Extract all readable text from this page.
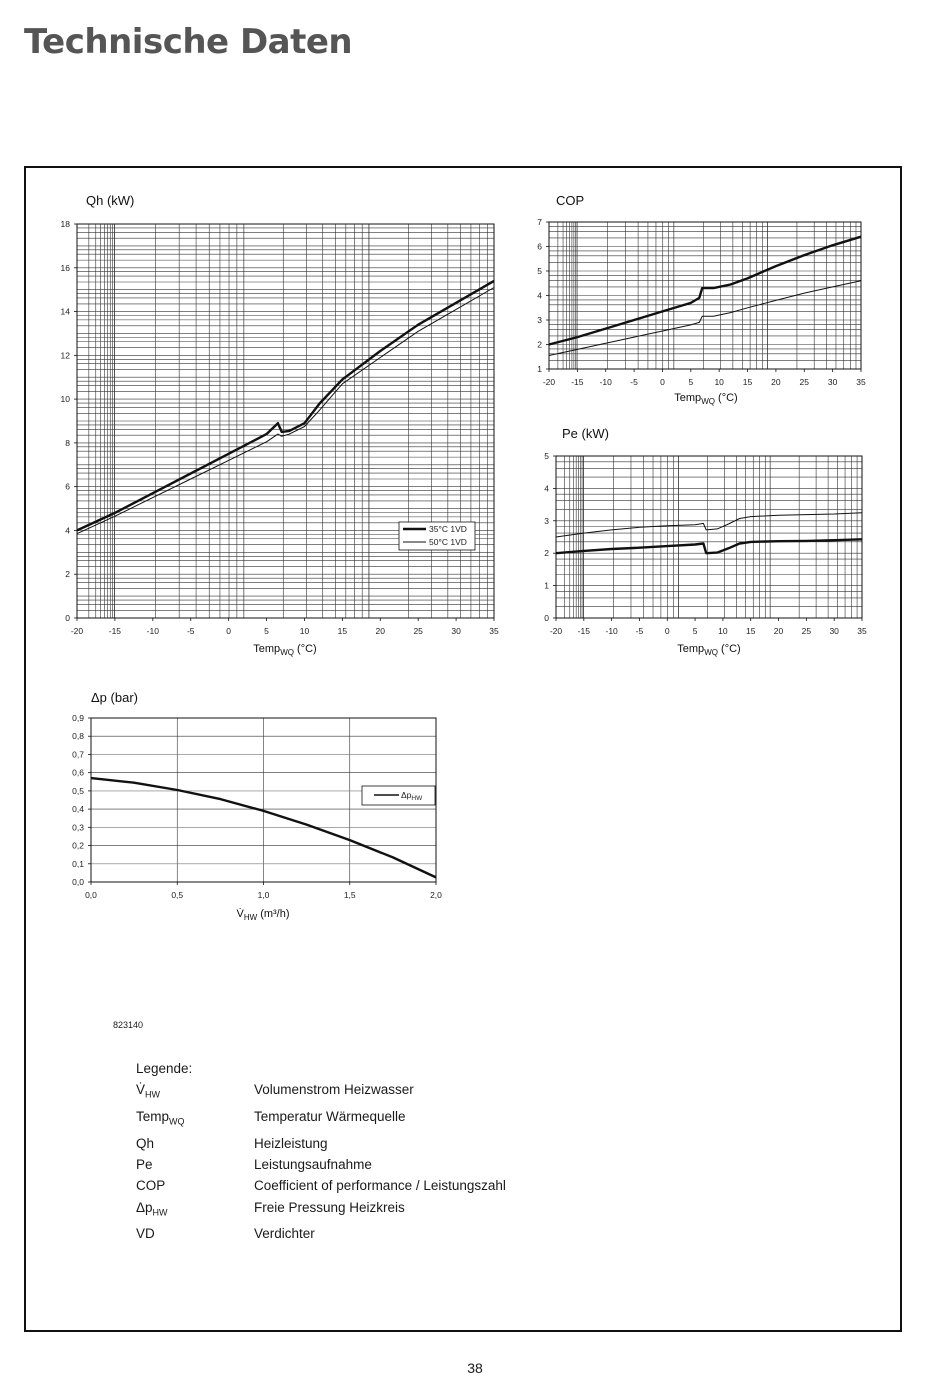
Technische Daten
0
2
4
6
8
10
12
14
16
18
-20	-15	-10	-5	0	5	10	15	20	25	30	35
Qh (kW)
Temp$_{WQ}$ (°C)
35°C 1VD
50°C 1VD
1
2
3
4
5
6
7
-20 -15 -10 -5	0	5	10 15 20 25 30 35
COP
Temp$_{WQ}$ (°C)
0
1
2
3
4
5
-20 -15 -10 -5	0	5 10 15 20 25 30 35
Pe (kW)
Temp$_{WQ}$ (°C)
0,0
0,1
0,2
0,3
0,4
0,5
0,6
0,7
0,8
0,9
0,0	0,5	1,0	1,5	2,0
Δp (bar)
$V̇_{HW}$ (m³/h)
$\Delta p_{HW}$
823140
Legende:
$V̇_{HW}$	Volumenstrom Heizwasser
Temp$_{WQ}$	Temperatur Wärmequelle
Qh	Heizleistung
Pe	Leistungsaufnahme
COP	Coefficient of performance / Leistungszahl
$\Delta p_{HW}$	Freie Pressung Heizkreis
VD	Verdichter
38
